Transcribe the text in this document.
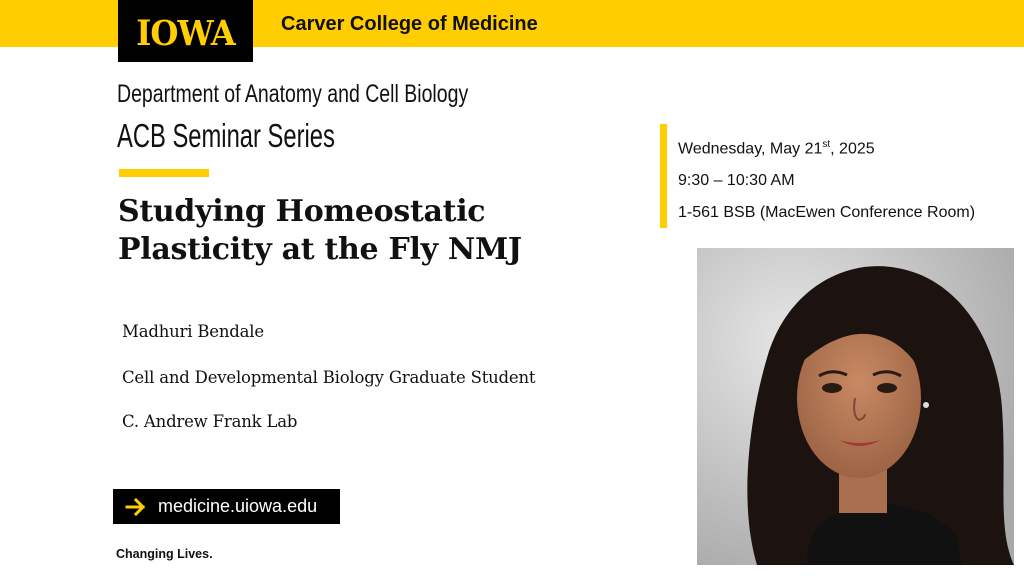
IOWA	Carver College of Medicine
Department of Anatomy and Cell Biology
ACB Seminar Series
Studying Homeostatic
Plasticity at the Fly NMJ
Madhuri Bendale
Cell and Developmental Biology Graduate Student
C. Andrew Frank Lab
medicine.uiowa.edu
Changing Lives.
Wednesday, May 21st, 2025
9:30 – 10:30 AM
1-561 BSB (MacEwen Conference Room)
